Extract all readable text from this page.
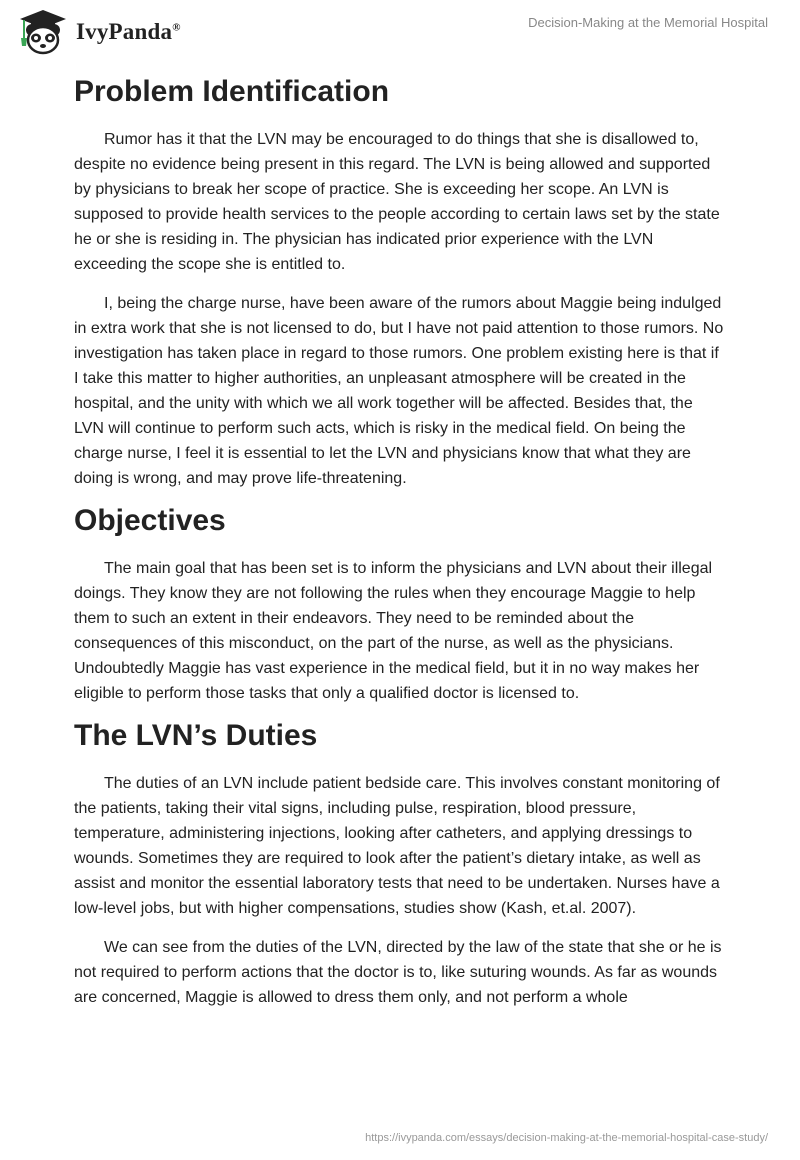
IvyPanda®	Decision-Making at the Memorial Hospital
Problem Identification

Rumor has it that the LVN may be encouraged to do things that she is disallowed to, despite no evidence being present in this regard. The LVN is being allowed and supported by physicians to break her scope of practice. She is exceeding her scope. An LVN is supposed to provide health services to the people according to certain laws set by the state he or she is residing in. The physician has indicated prior experience with the LVN exceeding the scope she is entitled to.

I, being the charge nurse, have been aware of the rumors about Maggie being indulged in extra work that she is not licensed to do, but I have not paid attention to those rumors. No investigation has taken place in regard to those rumors. One problem existing here is that if I take this matter to higher authorities, an unpleasant atmosphere will be created in the hospital, and the unity with which we all work together will be affected. Besides that, the LVN will continue to perform such acts, which is risky in the medical field. On being the charge nurse, I feel it is essential to let the LVN and physicians know that what they are doing is wrong, and may prove life-threatening.

Objectives

The main goal that has been set is to inform the physicians and LVN about their illegal doings. They know they are not following the rules when they encourage Maggie to help them to such an extent in their endeavors. They need to be reminded about the consequences of this misconduct, on the part of the nurse, as well as the physicians. Undoubtedly Maggie has vast experience in the medical field, but it in no way makes her eligible to perform those tasks that only a qualified doctor is licensed to.

The LVN’s Duties

The duties of an LVN include patient bedside care. This involves constant monitoring of the patients, taking their vital signs, including pulse, respiration, blood pressure, temperature, administering injections, looking after catheters, and applying dressings to wounds. Sometimes they are required to look after the patient’s dietary intake, as well as assist and monitor the essential laboratory tests that need to be undertaken. Nurses have a low-level jobs, but with higher compensations, studies show (Kash, et.al. 2007).

We can see from the duties of the LVN, directed by the law of the state that she or he is not required to perform actions that the doctor is to, like suturing wounds. As far as wounds are concerned, Maggie is allowed to dress them only, and not perform a whole

https://ivypanda.com/essays/decision-making-at-the-memorial-hospital-case-study/
